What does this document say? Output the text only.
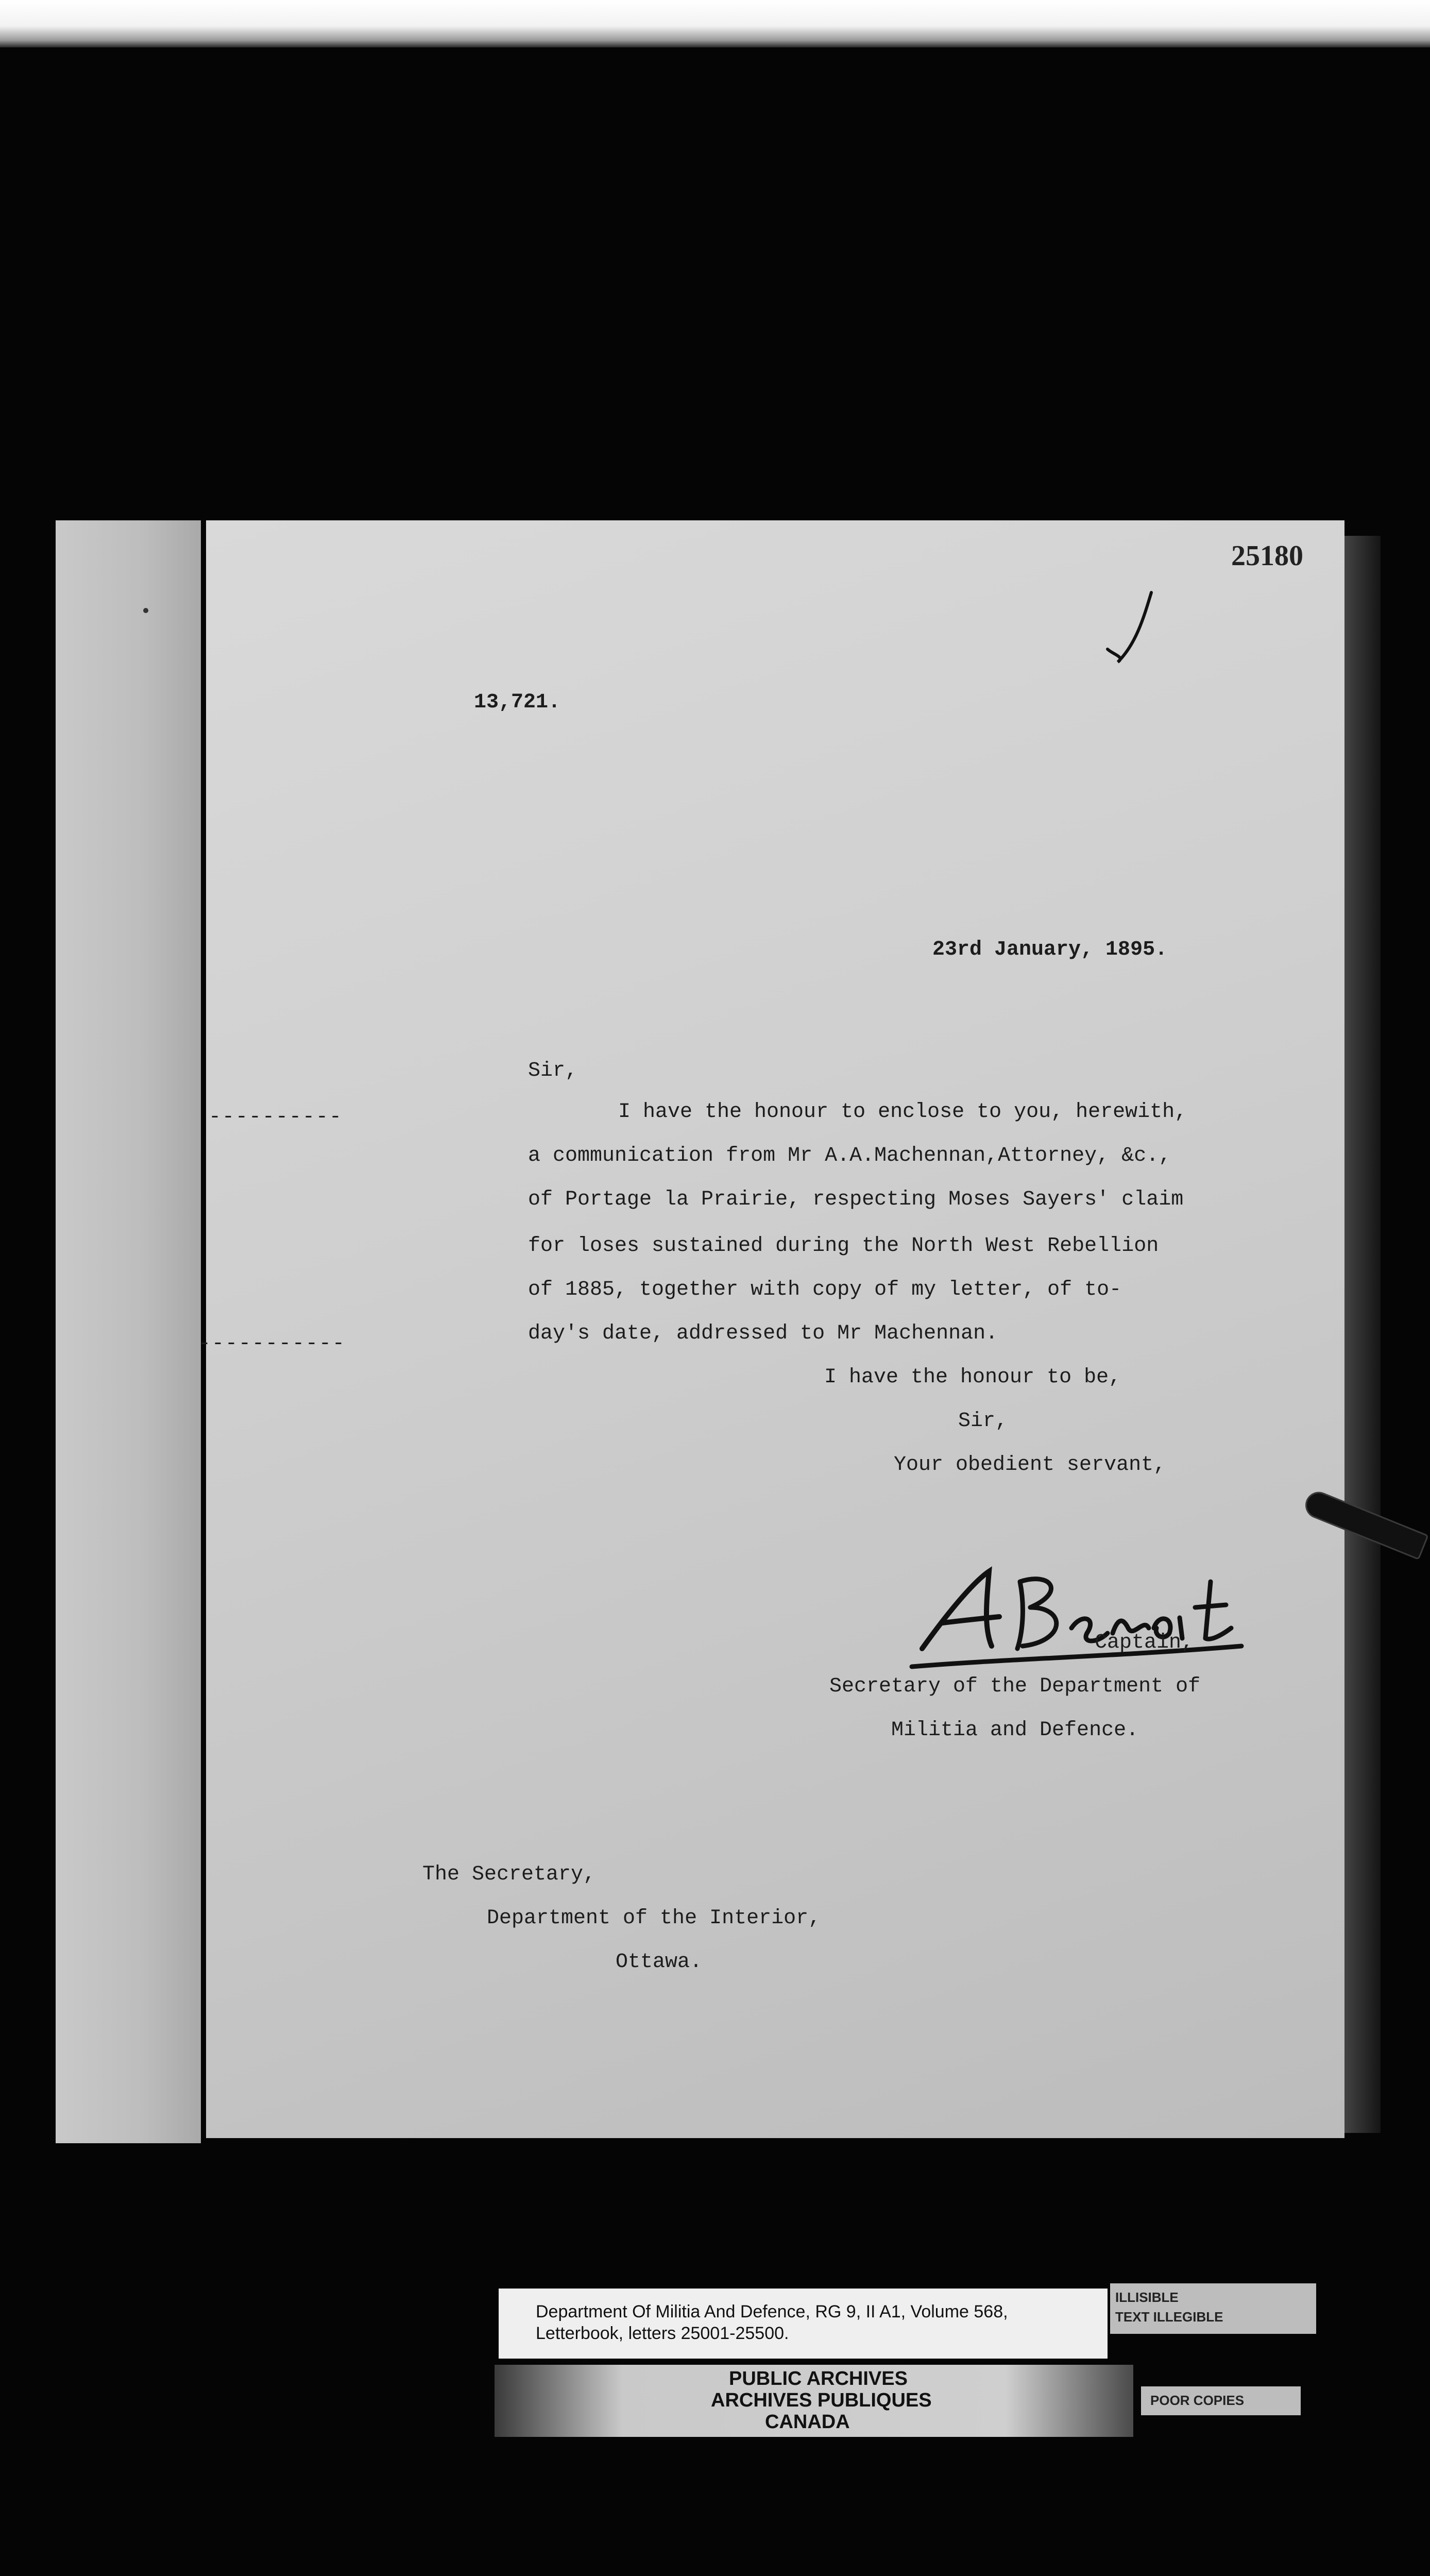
25180
13,721.
23rd January, 1895.
Sir,
----------
-----------
I have the honour to enclose to you, herewith,
a communication from Mr A.A.Machennan,Attorney, &c.,
of Portage la Prairie, respecting Moses Sayers' claim
for loses sustained during the North West Rebellion
of 1885, together with copy of my letter, of to-
day's date, addressed to Mr Machennan.
I have the honour to be,
Sir,
Your obedient servant,
Captain,
Secretary of the Department of
Militia and Defence.
The Secretary,
Department of the Interior,
Ottawa.
Department Of Militia And Defence, RG 9, II A1, Volume 568,
Letterbook, letters 25001-25500.
PUBLIC ARCHIVES
ARCHIVES PUBLIQUES
CANADA
ILLISIBLE
TEXT ILLEGIBLE
POOR COPIES
